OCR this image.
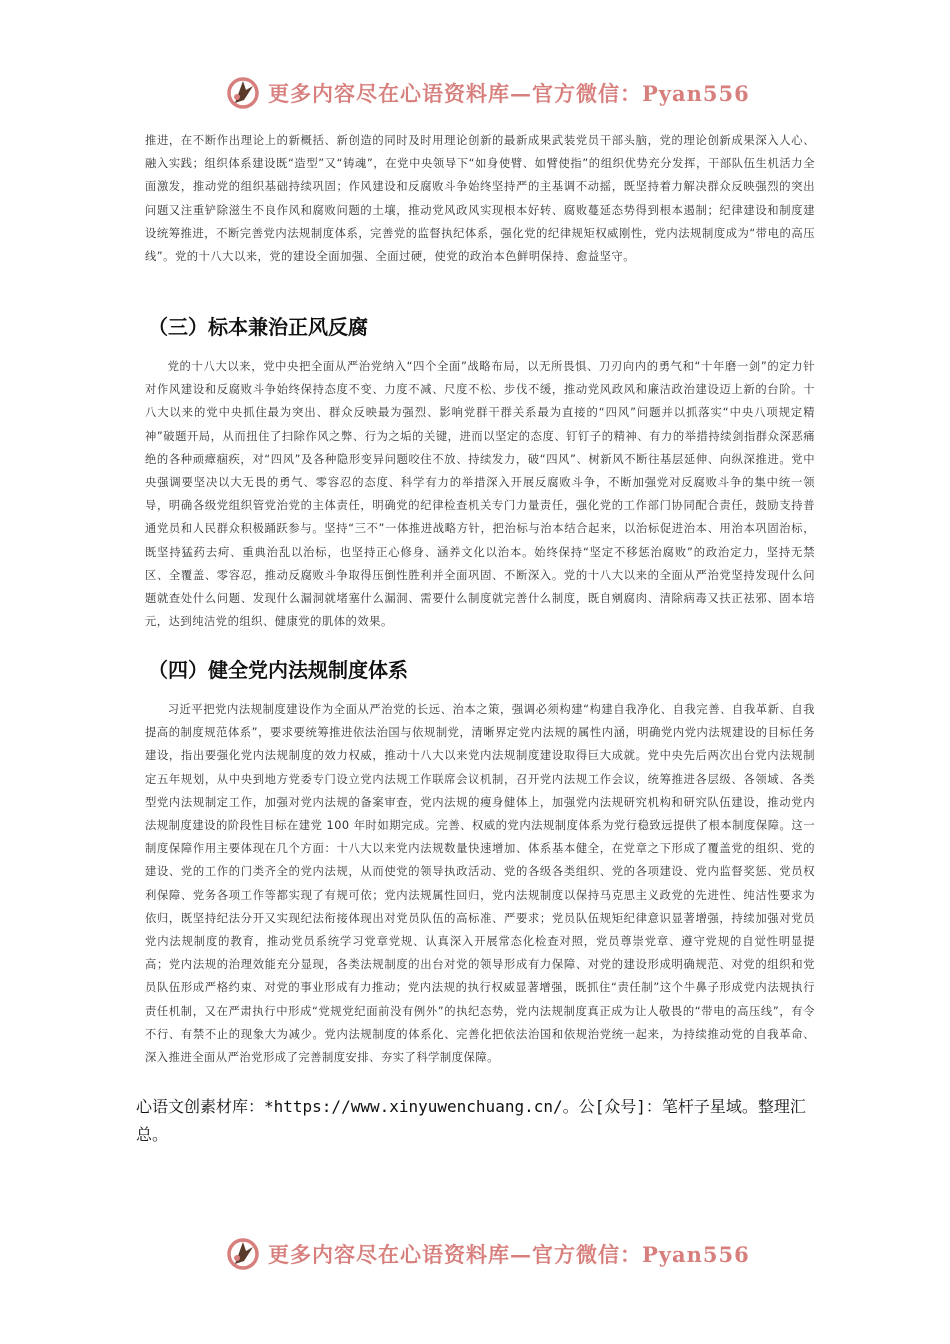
更多内容尽在心语资料库—官方微信：Pyan556

推进，在不断作出理论上的新概括、新创造的同时及时用理论创新的最新成果武装党员干部头脑，党的理论创新成果深入人心、融入实践；组织体系建设既“造型”又“铸魂”，在党中央领导下“如身使臂、如臂使指”的组织优势充分发挥，干部队伍生机活力全面激发，推动党的组织基础持续巩固；作风建设和反腐败斗争始终坚持严的主基调不动摇，既坚持着力解决群众反映强烈的突出问题又注重铲除滋生不良作风和腐败问题的土壤，推动党风政风实现根本好转、腐败蔓延态势得到根本遏制；纪律建设和制度建设统筹推进，不断完善党内法规制度体系，完善党的监督执纪体系，强化党的纪律规矩权威刚性，党内法规制度成为“带电的高压线”。党的十八大以来，党的建设全面加强、全面过硬，使党的政治本色鲜明保持、愈益坚守。

（三）标本兼治正风反腐

党的十八大以来，党中央把全面从严治党纳入“四个全面”战略布局，以无所畏惧、刀刃向内的勇气和“十年磨一剑”的定力针对作风建设和反腐败斗争始终保持态度不变、力度不减、尺度不松、步伐不缓，推动党风政风和廉洁政治建设迈上新的台阶。十八大以来的党中央抓住最为突出、群众反映最为强烈、影响党群干群关系最为直接的“四风”问题并以抓落实“中央八项规定精神”破题开局，从而扭住了扫除作风之弊、行为之垢的关键，进而以坚定的态度、钉钉子的精神、有力的举措持续剑指群众深恶痛绝的各种顽瘴痼疾，对“四风”及各种隐形变异问题咬住不放、持续发力，破“四风”、树新风不断往基层延伸、向纵深推进。党中央强调要坚决以大无畏的勇气、零容忍的态度、科学有力的举措深入开展反腐败斗争，不断加强党对反腐败斗争的集中统一领导，明确各级党组织管党治党的主体责任，明确党的纪律检查机关专门力量责任，强化党的工作部门协同配合责任，鼓励支持普通党员和人民群众积极踊跃参与。坚持“三不”一体推进战略方针，把治标与治本结合起来，以治标促进治本、用治本巩固治标，既坚持猛药去疴、重典治乱以治标，也坚持正心修身、涵养文化以治本。始终保持“坚定不移惩治腐败”的政治定力，坚持无禁区、全覆盖、零容忍，推动反腐败斗争取得压倒性胜利并全面巩固、不断深入。党的十八大以来的全面从严治党坚持发现什么问题就查处什么问题、发现什么漏洞就堵塞什么漏洞、需要什么制度就完善什么制度，既自剜腐肉、清除病毒又扶正祛邪、固本培元，达到纯洁党的组织、健康党的肌体的效果。

（四）健全党内法规制度体系

习近平把党内法规制度建设作为全面从严治党的长远、治本之策，强调必须构建“构建自我净化、自我完善、自我革新、自我提高的制度规范体系”，要求要统筹推进依法治国与依规制党，清晰界定党内法规的属性内涵，明确党内党内法规建设的目标任务建设，指出要强化党内法规制度的效力权威，推动十八大以来党内法规制度建设取得巨大成就。党中央先后两次出台党内法规制定五年规划，从中央到地方党委专门设立党内法规工作联席会议机制，召开党内法规工作会议，统筹推进各层级、各领域、各类型党内法规制定工作，加强对党内法规的备案审查，党内法规的瘦身健体上，加强党内法规研究机构和研究队伍建设，推动党内法规制度建设的阶段性目标在建党 100 年时如期完成。完善、权威的党内法规制度体系为党行稳致远提供了根本制度保障。这一制度保障作用主要体现在几个方面：十八大以来党内法规数量快速增加、体系基本健全，在党章之下形成了覆盖党的组织、党的建设、党的工作的门类齐全的党内法规，从而使党的领导执政活动、党的各级各类组织、党的各项建设、党内监督奖惩、党员权利保障、党务各项工作等都实现了有规可依；党内法规属性回归，党内法规制度以保持马克思主义政党的先进性、纯洁性要求为依归，既坚持纪法分开又实现纪法衔接体现出对党员队伍的高标准、严要求；党员队伍规矩纪律意识显著增强，持续加强对党员党内法规制度的教育，推动党员系统学习党章党规、认真深入开展常态化检查对照，党员尊崇党章、遵守党规的自觉性明显提高；党内法规的治理效能充分显现，各类法规制度的出台对党的领导形成有力保障、对党的建设形成明确规范、对党的组织和党员队伍形成严格约束、对党的事业形成有力推动；党内法规的执行权威显著增强，既抓住“责任制”这个牛鼻子形成党内法规执行责任机制，又在严肃执行中形成“党规党纪面前没有例外”的执纪态势，党内法规制度真正成为让人敬畏的“带电的高压线”，有令不行、有禁不止的现象大为减少。党内法规制度的体系化、完善化把依法治国和依规治党统一起来，为持续推动党的自我革命、深入推进全面从严治党形成了完善制度安排、夯实了科学制度保障。

心语文创素材库：*https://www.xinyuwenchuang.cn/。公[众号]：笔杆子星域。整理汇总。

更多内容尽在心语资料库—官方微信：Pyan556
